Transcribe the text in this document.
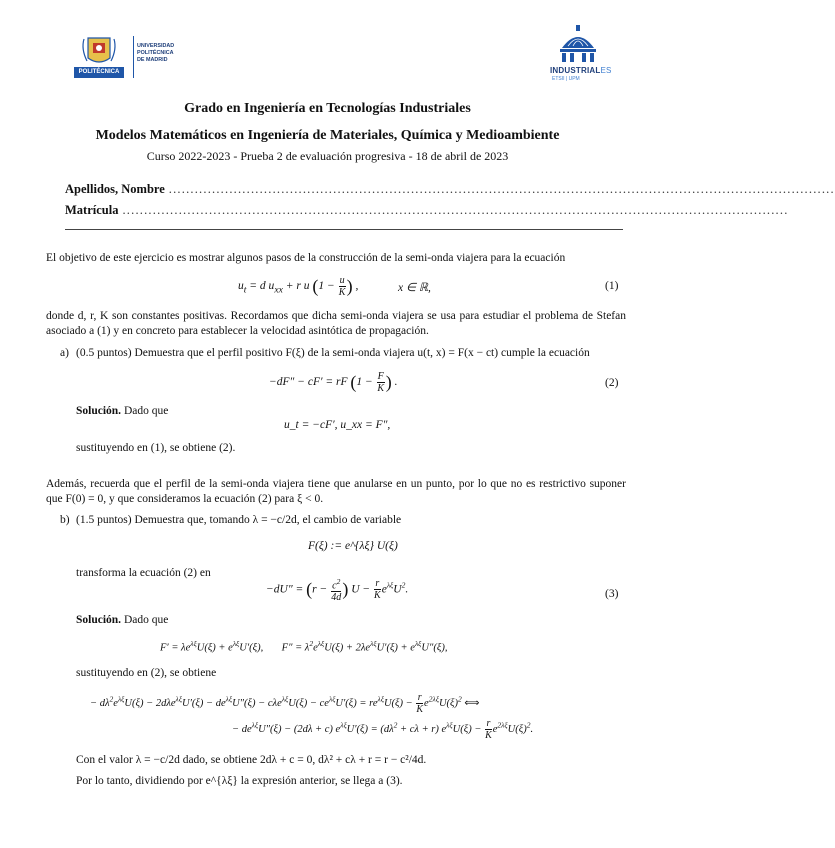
POLITÉCNICA
UNIVERSIDAD
POLITÉCNICA
DE MADRID
INDUSTRIALES
ETSII | UPM
Grado en Ingeniería en Tecnologías Industriales
Modelos Matemáticos en Ingeniería de Materiales, Química y Medioambiente
Curso 2022-2023 - Prueba 2 de evaluación progresiva - 18 de abril de 2023
Apellidos, Nombre ..........................................................................................................................................................
Matrícula ..........................................................................................................................................................
El objetivo de este ejercicio es mostrar algunos pasos de la construcción de la semi-onda viajera para la ecuación
$u_t = d$ $u_{xx} + r$ u ($1 - \frac{u}{K}$ ) ,	x ∈ ℝ,	(1)
donde d, r, K son constantes positivas. Recordamos que dicha semi-onda viajera se usa para estudiar el problema de Stefan asociado a (1) y en concreto para establecer la velocidad asintótica de propagación.
a) (0.5 puntos) Demuestra que el perfil positivo F(ξ) de la semi-onda viajera u(t, x) = F(x − ct) cumple la ecuación
−dF″ − cF′ = rF ($1 - \frac{F}{K}$ ) .	(2)
Solución. Dado que
u_t = −cF′, u_xx = F″,
sustituyendo en (1), se obtiene (2).
Además, recuerda que el perfil de la semi-onda viajera tiene que anularse en un punto, por lo que no es restrictivo suponer que F(0) = 0, y que consideramos la ecuación (2) para ξ < 0.
b) (1.5 puntos) Demuestra que, tomando λ = −c/2d, el cambio de variable
F(ξ) := e^{λξ} U(ξ)
transforma la ecuación (2) en
$-dU'' = (r - \frac{c^2}{4d}$ ) $U - \frac{r}{K} e^{\lambda\xi}U^2$.	(3)
Solución. Dado que
$F' = \lambda e^{\lambda\xi}U(\xi) + e^{\lambda\xi}U'(\xi)$,       $F'' = \lambda^2e^{\lambda\xi}U(\xi) + 2\lambda e^{\lambda\xi}U'(\xi) + e^{\lambda\xi}U''(\xi)$,
sustituyendo en (2), se obtiene
− $d\lambda^2e^{\lambda\xi}U(\xi) - 2d\lambda e^{\lambda\xi}U'(\xi) - de^{\lambda\xi}U''(\xi) - c\lambda e^{\lambda\xi}U(\xi) - ce^{\lambda\xi}U'(\xi) = re^{\lambda\xi}U(\xi) - \frac{r}{K} e^{2\lambda\xi}U(\xi)^2$ ⟺
− $de^{\lambda\xi}U''(\xi) - (2d\lambda + c) e^{\lambda\xi}U'(\xi) = (d\lambda^2 + c\lambda + r) e^{\lambda\xi}U(\xi) - \frac{r}{K} e^{2\lambda\xi}U(\xi)^2$.
Con el valor λ = −c/2d dado, se obtiene 2dλ + c = 0, dλ² + cλ + r = r − c²/4d.
Por lo tanto, dividiendo por e^{λξ} la expresión anterior, se llega a (3).
